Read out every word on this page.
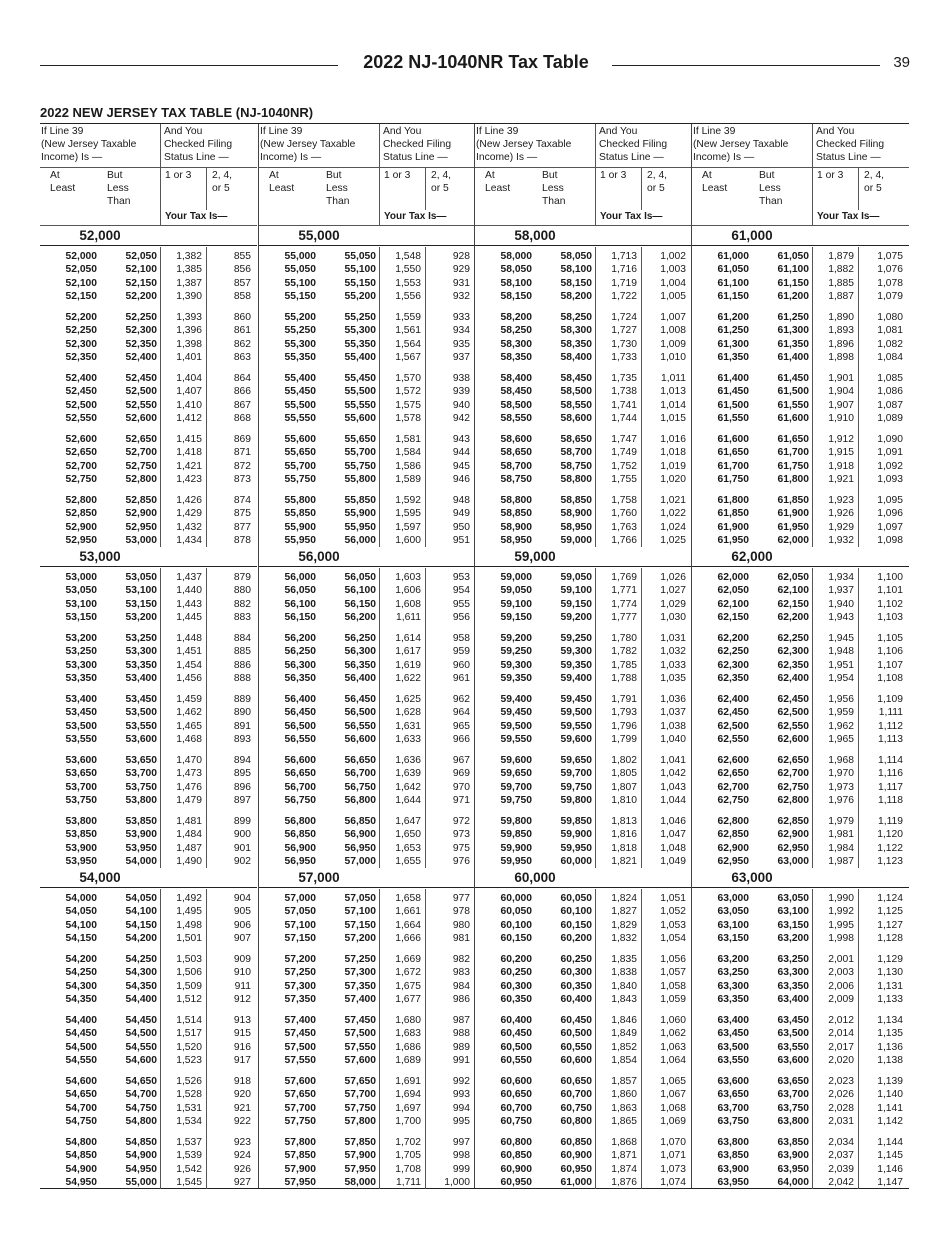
2022 NJ-1040NR Tax Table	39
2022 NEW JERSEY TAX TABLE (NJ-1040NR)
If Line 39
(New Jersey Taxable
Income) Is —
And You
Checked Filing
Status Line —
At
Least
But
Less
Than
1 or 3 2, 4,
or 5
Your Tax Is—
52,000
52,000	52,050 1,382	855
52,050	52,100 1,385	856
52,100	52,150 1,387	857
52,150	52,200 1,390	858
52,200	52,250 1,393	860
52,250	52,300 1,396	861
52,300	52,350 1,398	862
52,350	52,400 1,401	863
52,400	52,450 1,404	864
52,450	52,500 1,407	866
52,500	52,550 1,410	867
52,550	52,600 1,412	868
52,600	52,650 1,415	869
52,650	52,700 1,418	871
52,700	52,750 1,421	872
52,750	52,800 1,423	873
52,800	52,850 1,426	874
52,850	52,900 1,429	875
52,900	52,950 1,432	877
52,950	53,000 1,434	878
53,000
53,000	53,050 1,437	879
53,050	53,100 1,440	880
53,100	53,150 1,443	882
53,150	53,200 1,445	883
53,200	53,250 1,448	884
53,250	53,300 1,451	885
53,300	53,350 1,454	886
53,350	53,400 1,456	888
53,400	53,450 1,459	889
53,450	53,500 1,462	890
53,500	53,550 1,465	891
53,550	53,600 1,468	893
53,600	53,650 1,470	894
53,650	53,700 1,473	895
53,700	53,750 1,476	896
53,750	53,800 1,479	897
53,800	53,850 1,481	899
53,850	53,900 1,484	900
53,900	53,950 1,487	901
53,950	54,000 1,490	902
54,000
54,000	54,050 1,492	904
54,050	54,100 1,495	905
54,100	54,150 1,498	906
54,150	54,200 1,501	907
54,200	54,250 1,503	909
54,250	54,300 1,506	910
54,300	54,350 1,509	911
54,350	54,400 1,512	912
54,400	54,450 1,514	913
54,450	54,500 1,517	915
54,500	54,550 1,520	916
54,550	54,600 1,523	917
54,600	54,650 1,526	918
54,650	54,700 1,528	920
54,700	54,750 1,531	921
54,750	54,800 1,534	922
54,800	54,850 1,537	923
54,850	54,900 1,539	924
54,900	54,950 1,542	926
54,950	55,000 1,545	927
If Line 39
(New Jersey Taxable
Income) Is —
And You
Checked Filing
Status Line —
At
Least
But
Less
Than
1 or 3 2, 4,
or 5
Your Tax Is—
55,000
55,000	55,050 1,548	928
55,050	55,100 1,550	929
55,100	55,150 1,553	931
55,150	55,200 1,556	932
55,200	55,250 1,559	933
55,250	55,300 1,561	934
55,300	55,350 1,564	935
55,350	55,400 1,567	937
55,400	55,450 1,570	938
55,450	55,500 1,572	939
55,500	55,550 1,575	940
55,550	55,600 1,578	942
55,600	55,650 1,581	943
55,650	55,700 1,584	944
55,700	55,750 1,586	945
55,750	55,800 1,589	946
55,800	55,850 1,592	948
55,850	55,900 1,595	949
55,900	55,950 1,597	950
55,950	56,000 1,600	951
56,000
56,000	56,050 1,603	953
56,050	56,100 1,606	954
56,100	56,150 1,608	955
56,150	56,200 1,611	956
56,200	56,250 1,614	958
56,250	56,300 1,617	959
56,300	56,350 1,619	960
56,350	56,400 1,622	961
56,400	56,450 1,625	962
56,450	56,500 1,628	964
56,500	56,550 1,631	965
56,550	56,600 1,633	966
56,600	56,650 1,636	967
56,650	56,700 1,639	969
56,700	56,750 1,642	970
56,750	56,800 1,644	971
56,800	56,850 1,647	972
56,850	56,900 1,650	973
56,900	56,950 1,653	975
56,950	57,000 1,655	976
57,000
57,000	57,050 1,658	977
57,050	57,100 1,661	978
57,100	57,150 1,664	980
57,150	57,200 1,666	981
57,200	57,250 1,669	982
57,250	57,300 1,672	983
57,300	57,350 1,675	984
57,350	57,400 1,677	986
57,400	57,450 1,680	987
57,450	57,500 1,683	988
57,500	57,550 1,686	989
57,550	57,600 1,689	991
57,600	57,650 1,691	992
57,650	57,700 1,694	993
57,700	57,750 1,697	994
57,750	57,800 1,700	995
57,800	57,850 1,702	997
57,850	57,900 1,705	998
57,900	57,950 1,708	999
57,950	58,000 1,711 1,000
If Line 39
(New Jersey Taxable
Income) Is —
And You
Checked Filing
Status Line —
At
Least
But
Less
Than
1 or 3 2, 4,
or 5
Your Tax Is—
58,000
58,000	58,050 1,713 1,002
58,050	58,100 1,716 1,003
58,100	58,150 1,719 1,004
58,150	58,200 1,722 1,005
58,200	58,250 1,724 1,007
58,250	58,300 1,727 1,008
58,300	58,350 1,730 1,009
58,350	58,400 1,733 1,010
58,400	58,450 1,735 1,011
58,450	58,500 1,738 1,013
58,500	58,550 1,741 1,014
58,550	58,600 1,744 1,015
58,600	58,650 1,747 1,016
58,650	58,700 1,749 1,018
58,700	58,750 1,752 1,019
58,750	58,800 1,755 1,020
58,800	58,850 1,758 1,021
58,850	58,900 1,760 1,022
58,900	58,950 1,763 1,024
58,950	59,000 1,766 1,025
59,000
59,000	59,050 1,769 1,026
59,050	59,100 1,771 1,027
59,100	59,150 1,774 1,029
59,150	59,200 1,777 1,030
59,200	59,250 1,780 1,031
59,250	59,300 1,782 1,032
59,300	59,350 1,785 1,033
59,350	59,400 1,788 1,035
59,400	59,450 1,791 1,036
59,450	59,500 1,793 1,037
59,500	59,550 1,796 1,038
59,550	59,600 1,799 1,040
59,600	59,650 1,802 1,041
59,650	59,700 1,805 1,042
59,700	59,750 1,807 1,043
59,750	59,800 1,810 1,044
59,800	59,850 1,813 1,046
59,850	59,900 1,816 1,047
59,900	59,950 1,818 1,048
59,950	60,000 1,821 1,049
60,000
60,000	60,050 1,824 1,051
60,050	60,100 1,827 1,052
60,100	60,150 1,829 1,053
60,150	60,200 1,832 1,054
60,200	60,250 1,835 1,056
60,250	60,300 1,838 1,057
60,300	60,350 1,840 1,058
60,350	60,400 1,843 1,059
60,400	60,450 1,846 1,060
60,450	60,500 1,849 1,062
60,500	60,550 1,852 1,063
60,550	60,600 1,854 1,064
60,600	60,650 1,857 1,065
60,650	60,700 1,860 1,067
60,700	60,750 1,863 1,068
60,750	60,800 1,865 1,069
60,800	60,850 1,868 1,070
60,850	60,900 1,871 1,071
60,900	60,950 1,874 1,073
60,950	61,000 1,876 1,074
If Line 39
(New Jersey Taxable
Income) Is —
And You
Checked Filing
Status Line —
At
Least
But
Less
Than
1 or 3 2, 4,
or 5
Your Tax Is—
61,000
61,000	61,050 1,879 1,075
61,050	61,100 1,882 1,076
61,100	61,150 1,885 1,078
61,150	61,200 1,887 1,079
61,200	61,250 1,890 1,080
61,250	61,300 1,893 1,081
61,300	61,350 1,896 1,082
61,350	61,400 1,898 1,084
61,400	61,450 1,901 1,085
61,450	61,500 1,904 1,086
61,500	61,550 1,907 1,087
61,550	61,600 1,910 1,089
61,600	61,650 1,912 1,090
61,650	61,700 1,915 1,091
61,700	61,750 1,918 1,092
61,750	61,800 1,921 1,093
61,800	61,850 1,923 1,095
61,850	61,900 1,926 1,096
61,900	61,950 1,929 1,097
61,950	62,000 1,932 1,098
62,000
62,000	62,050 1,934 1,100
62,050	62,100 1,937 1,101
62,100	62,150 1,940 1,102
62,150	62,200 1,943 1,103
62,200	62,250 1,945 1,105
62,250	62,300 1,948 1,106
62,300	62,350 1,951 1,107
62,350	62,400 1,954 1,108
62,400	62,450 1,956 1,109
62,450	62,500 1,959 1,111
62,500	62,550 1,962 1,112
62,550	62,600 1,965 1,113
62,600	62,650 1,968 1,114
62,650	62,700 1,970 1,116
62,700	62,750 1,973 1,117
62,750	62,800 1,976 1,118
62,800	62,850 1,979 1,119
62,850	62,900 1,981 1,120
62,900	62,950 1,984 1,122
62,950	63,000 1,987 1,123
63,000
63,000	63,050 1,990 1,124
63,050	63,100 1,992 1,125
63,100	63,150 1,995 1,127
63,150	63,200 1,998 1,128
63,200	63,250 2,001 1,129
63,250	63,300 2,003 1,130
63,300	63,350 2,006 1,131
63,350	63,400 2,009 1,133
63,400	63,450 2,012 1,134
63,450	63,500 2,014 1,135
63,500	63,550 2,017 1,136
63,550	63,600 2,020 1,138
63,600	63,650 2,023 1,139
63,650	63,700 2,026 1,140
63,700	63,750 2,028 1,141
63,750	63,800 2,031 1,142
63,800	63,850 2,034 1,144
63,850	63,900 2,037 1,145
63,900	63,950 2,039 1,146
63,950	64,000 2,042 1,147
